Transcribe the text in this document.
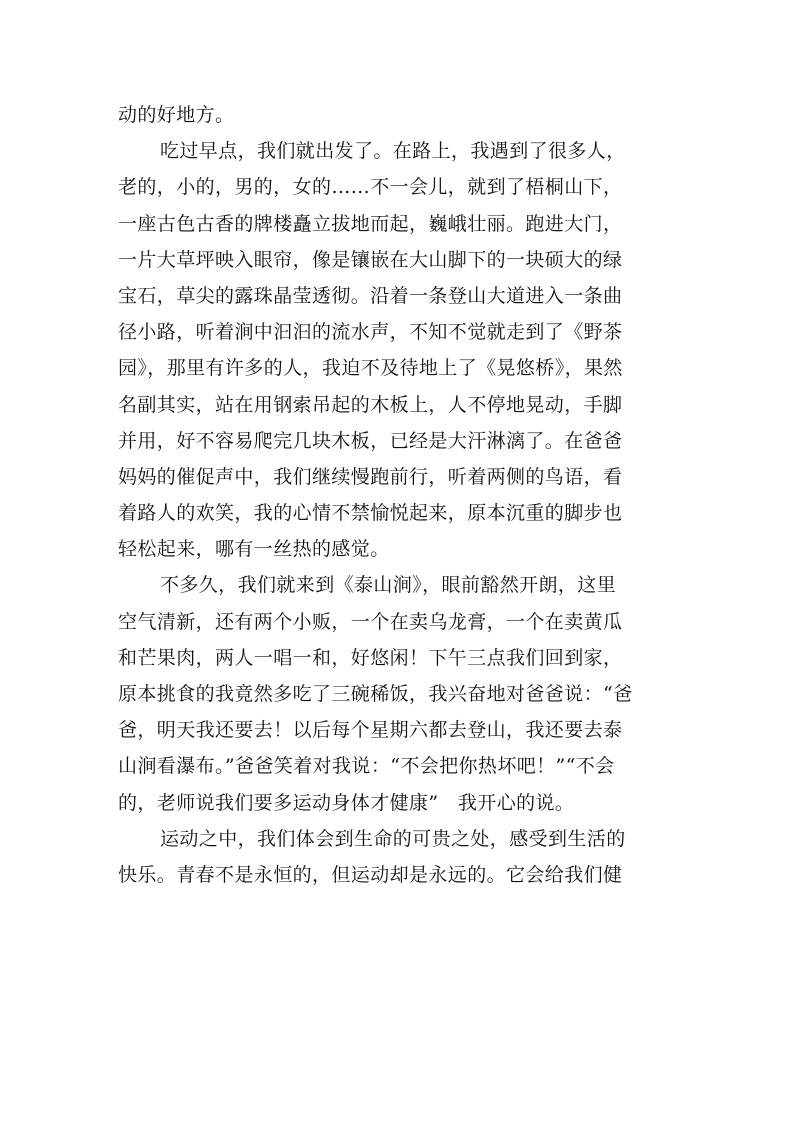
动的好地方。
吃过早点，我们就出发了。在路上，我遇到了很多人，
老的，小的，男的，女的……不一会儿，就到了梧桐山下，
一座古色古香的牌楼矗立拔地而起，巍峨壮丽。跑进大门，
一片大草坪映入眼帘，像是镶嵌在大山脚下的一块硕大的绿
宝石，草尖的露珠晶莹透彻。沿着一条登山大道进入一条曲
径小路，听着涧中汩汩的流水声，不知不觉就走到了《野茶
园》，那里有许多的人，我迫不及待地上了《晃悠桥》，果然
名副其实，站在用钢索吊起的木板上，人不停地晃动，手脚
并用，好不容易爬完几块木板，已经是大汗淋漓了。在爸爸
妈妈的催促声中，我们继续慢跑前行，听着两侧的鸟语，看
着路人的欢笑，我的心情不禁愉悦起来，原本沉重的脚步也
轻松起来，哪有一丝热的感觉。
不多久，我们就来到《泰山涧》，眼前豁然开朗，这里
空气清新，还有两个小贩，一个在卖乌龙膏，一个在卖黄瓜
和芒果肉，两人一唱一和，好悠闲！下午三点我们回到家，
原本挑食的我竟然多吃了三碗稀饭，我兴奋地对爸爸说：“爸
爸，明天我还要去！以后每个星期六都去登山，我还要去泰
山涧看瀑布。”爸爸笑着对我说：“不会把你热坏吧！”“不会
的，老师说我们要多运动身体才健康”　我开心的说。
运动之中，我们体会到生命的可贵之处，感受到生活的
快乐。青春不是永恒的，但运动却是永远的。它会给我们健
